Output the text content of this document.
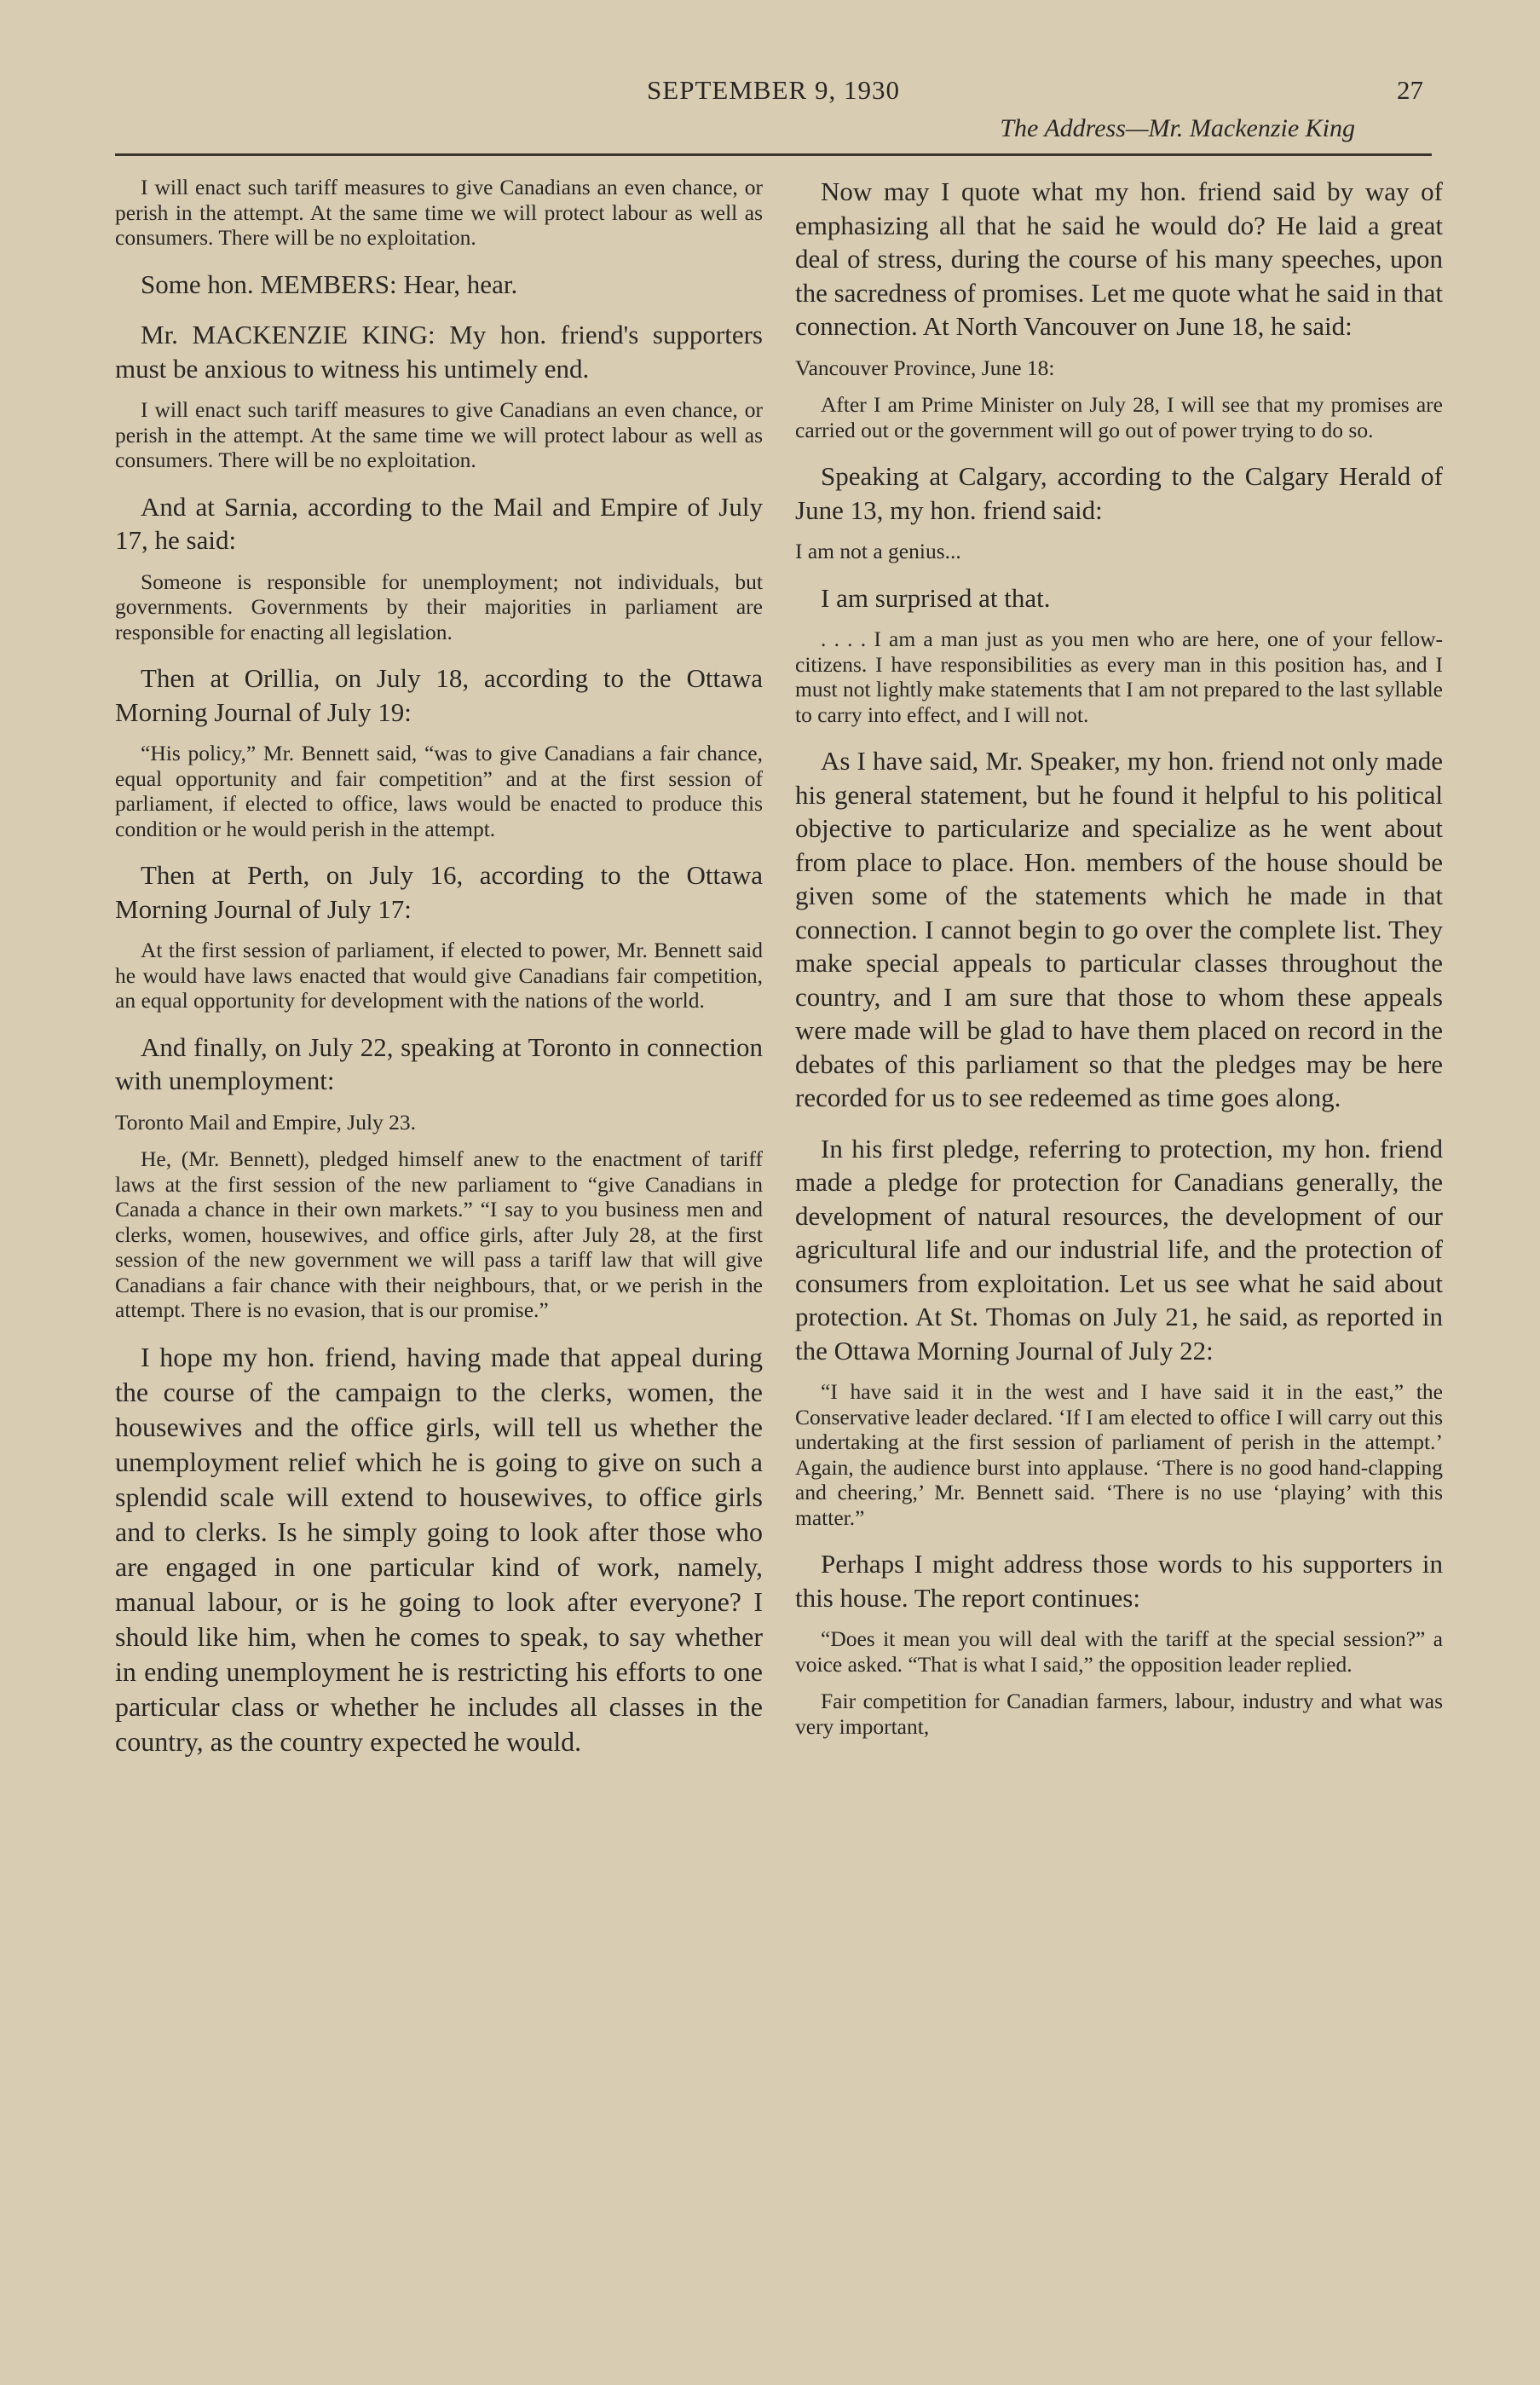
SEPTEMBER 9, 1930	27
The Address—Mr. Mackenzie King

I will enact such tariff measures to give Canadians an even chance, or perish in the attempt. At the same time we will protect labour as well as consumers. There will be no exploitation.

Some hon. MEMBERS: Hear, hear.

Mr. MACKENZIE KING: My hon. friend's supporters must be anxious to witness his untimely end.

I will enact such tariff measures to give Canadians an even chance, or perish in the attempt. At the same time we will protect labour as well as consumers. There will be no exploitation.

And at Sarnia, according to the Mail and Empire of July 17, he said:

Someone is responsible for unemployment; not individuals, but governments. Governments by their majorities in parliament are responsible for enacting all legislation.

Then at Orillia, on July 18, according to the Ottawa Morning Journal of July 19:

“His policy,” Mr. Bennett said, “was to give Canadians a fair chance, equal opportunity and fair competition” and at the first session of parliament, if elected to office, laws would be enacted to produce this condition or he would perish in the attempt.

Then at Perth, on July 16, according to the Ottawa Morning Journal of July 17:

At the first session of parliament, if elected to power, Mr. Bennett said he would have laws enacted that would give Canadians fair competition, an equal opportunity for development with the nations of the world.

And finally, on July 22, speaking at Toronto in connection with unemployment:

Toronto Mail and Empire, July 23.

He, (Mr. Bennett), pledged himself anew to the enactment of tariff laws at the first session of the new parliament to “give Canadians in Canada a chance in their own markets.” “I say to you business men and clerks, women, housewives, and office girls, after July 28, at the first session of the new government we will pass a tariff law that will give Canadians a fair chance with their neighbours, that, or we perish in the attempt. There is no evasion, that is our promise.”

I hope my hon. friend, having made that appeal during the course of the campaign to the clerks, women, the housewives and the office girls, will tell us whether the unemployment relief which he is going to give on such a splendid scale will extend to housewives, to office girls and to clerks. Is he simply going to look after those who are engaged in one particular kind of work, namely, manual labour, or is he going to look after everyone? I should like him, when he comes to speak, to say whether in ending unemployment he is restricting his efforts to one particular class or whether he includes all classes in the country, as the country expected he would.

Now may I quote what my hon. friend said by way of emphasizing all that he said he would do? He laid a great deal of stress, during the course of his many speeches, upon the sacredness of promises. Let me quote what he said in that connection. At North Vancouver on June 18, he said:

Vancouver Province, June 18:

After I am Prime Minister on July 28, I will see that my promises are carried out or the government will go out of power trying to do so.

Speaking at Calgary, according to the Calgary Herald of June 13, my hon. friend said:

I am not a genius...

I am surprised at that.

. . . . I am a man just as you men who are here, one of your fellow-citizens. I have responsibilities as every man in this position has, and I must not lightly make statements that I am not prepared to the last syllable to carry into effect, and I will not.

As I have said, Mr. Speaker, my hon. friend not only made his general statement, but he found it helpful to his political objective to particularize and specialize as he went about from place to place. Hon. members of the house should be given some of the statements which he made in that connection. I cannot begin to go over the complete list. They make special appeals to particular classes throughout the country, and I am sure that those to whom these appeals were made will be glad to have them placed on record in the debates of this parliament so that the pledges may be here recorded for us to see redeemed as time goes along.

In his first pledge, referring to protection, my hon. friend made a pledge for protection for Canadians generally, the development of natural resources, the development of our agricultural life and our industrial life, and the protection of consumers from exploitation. Let us see what he said about protection. At St. Thomas on July 21, he said, as reported in the Ottawa Morning Journal of July 22:

“I have said it in the west and I have said it in the east,” the Conservative leader declared. ‘If I am elected to office I will carry out this undertaking at the first session of parliament of perish in the attempt.’ Again, the audience burst into applause. ‘There is no good hand-clapping and cheering,’ Mr. Bennett said. ‘There is no use ‘playing’ with this matter.”

Perhaps I might address those words to his supporters in this house. The report continues:

“Does it mean you will deal with the tariff at the special session?” a voice asked. “That is what I said,” the opposition leader replied.

Fair competition for Canadian farmers, labour, industry and what was very important,
